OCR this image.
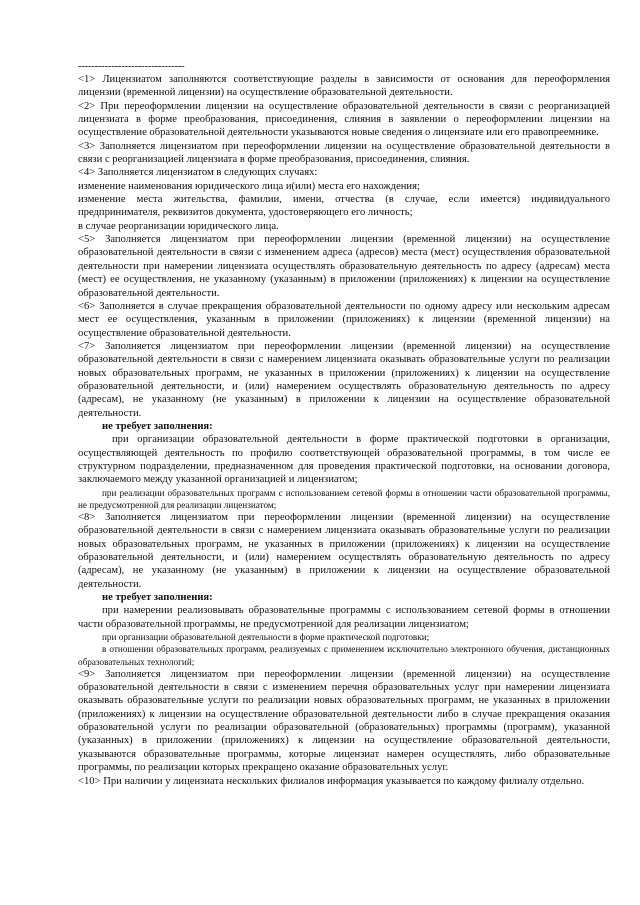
--------------------------------

<1> Лицензиатом заполняются соответствующие разделы в зависимости от основания для переоформления лицензии (временной лицензии) на осуществление образовательной деятельности.

<2> При переоформлении лицензии на осуществление образовательной деятельности в связи с реорганизацией лицензиата в форме преобразования, присоединения, слияния в заявлении о переоформлении лицензии на осуществление образовательной деятельности указываются новые сведения о лицензиате или его правопреемнике.

<3> Заполняется лицензиатом при переоформлении лицензии на осуществление образовательной деятельности в связи с реорганизацией лицензиата в форме преобразования, присоединения, слияния.

<4> Заполняется лицензиатом в следующих случаях:

изменение наименования юридического лица и(или) места его нахождения;

изменение места жительства, фамилии, имени, отчества (в случае, если имеется) индивидуального предпринимателя, реквизитов документа, удостоверяющего его личность;

в случае реорганизации юридического лица.

<5> Заполняется лицензиатом при переоформлении лицензии (временной лицензии) на осуществление образовательной деятельности в связи с изменением адреса (адресов) места (мест) осуществления образовательной деятельности при намерении лицензиата осуществлять образовательную деятельность по адресу (адресам) места (мест) ее осуществления, не указанному (указанным) в приложении (приложениях) к лицензии на осуществление образовательной деятельности.

<6> Заполняется в случае прекращения образовательной деятельности по одному адресу или нескольким адресам мест ее осуществления, указанным в приложении (приложениях) к лицензии (временной лицензии) на осуществление образовательной деятельности.

<7> Заполняется лицензиатом при переоформлении лицензии (временной лицензии) на осуществление образовательной деятельности в связи с намерением лицензиата оказывать образовательные услуги по реализации новых образовательных программ, не указанных в приложении (приложениях) к лицензии на осуществление образовательной деятельности, и (или) намерением осуществлять образовательную деятельность по адресу (адресам), не указанному (не указанным) в приложении к лицензии на осуществление образовательной деятельности.

не требует заполнения:

при организации образовательной деятельности в форме практической подготовки в организации, осуществляющей деятельность по профилю соответствующей образовательной программы, в том числе ее структурном подразделении, предназначенном для проведения практической подготовки, на основании договора, заключаемого между указанной организацией и лицензиатом;

при реализации образовательных программ с использованием сетевой формы в отношении части образовательной программы, не предусмотренной для реализации лицензиатом;

<8> Заполняется лицензиатом при переоформлении лицензии (временной лицензии) на осуществление образовательной деятельности в связи с намерением лицензиата оказывать образовательные услуги по реализации новых образовательных программ, не указанных в приложении (приложениях) к лицензии на осуществление образовательной деятельности, и (или) намерением осуществлять образовательную деятельность по адресу (адресам), не указанному (не указанным) в приложении к лицензии на осуществление образовательной деятельности.

не требует заполнения:

при намерении реализовывать образовательные программы с использованием сетевой формы в отношении части образовательной программы, не предусмотренной для реализации лицензиатом;

при организации образовательной деятельности в форме практической подготовки;

в отношении образовательных программ, реализуемых с применением исключительно электронного обучения, дистанционных образовательных технологий;

<9> Заполняется лицензиатом при переоформлении лицензии (временной лицензии) на осуществление образовательной деятельности в связи с изменением перечня образовательных услуг при намерении лицензиата оказывать образовательные услуги по реализации новых образовательных программ, не указанных в приложении (приложениях) к лицензии на осуществление образовательной деятельности либо в случае прекращения оказания образовательной услуги по реализации образовательной (образовательных) программы (программ), указанной (указанных) в приложении (приложениях) к лицензии на осуществление образовательной деятельности, указываются образовательные программы, которые лицензиат намерен осуществлять, либо образовательные программы, по реализации которых прекращено оказание образовательных услуг.

<10> При наличии у лицензиата нескольких филиалов информация указывается по каждому филиалу отдельно.
